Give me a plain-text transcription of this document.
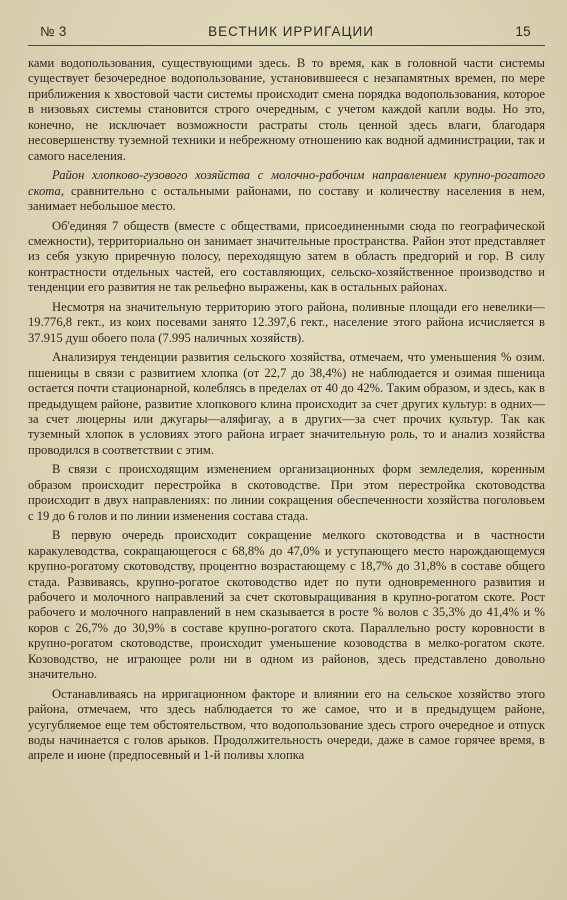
№ 3	ВЕСТНИК ИРРИГАЦИИ	15

ками водопользования, существующими здесь. В то время, как в головной части системы существует безочередное водопользование, установившееся с незапамятных времен, по мере приближения к хвостовой части системы происходит смена порядка водопользования, которое в низовьях системы становится строго очередным, с учетом каждой капли воды. Но это, конечно, не исключает возможности растраты столь ценной здесь влаги, благодаря несовершенству туземной техники и небрежному отношению как водной администрации, так и самого населения.

Район хлопково-гузового хозяйства с молочно-рабочим направлением крупно-рогатого скота, сравнительно с остальными районами, по составу и количеству населения в нем, занимает небольшое место.

Об'единяя 7 обществ (вместе с обществами, присоединенными сюда по географической смежности), территориально он занимает значительные пространства. Район этот представляет из себя узкую приречную полосу, переходящую затем в область предгорий и гор. В силу контрастности отдельных частей, его составляющих, сельско-хозяйственное производство и тенденции его развития не так рельефно выражены, как в остальных районах.

Несмотря на значительную территорию этого района, поливные площади его невелики—19.776,8 гект., из коих посевами занято 12.397,6 гект., население этого района исчисляется в 37.915 душ обоего пола (7.995 наличных хозяйств).

Анализируя тенденции развития сельского хозяйства, отмечаем, что уменьшения % озим. пшеницы в связи с развитием хлопка (от 22,7 до 38,4%) не наблюдается и озимая пшеница остается почти стационарной, колеблясь в пределах от 40 до 42%. Таким образом, и здесь, как в предыдущем районе, развитие хлопкового клина происходит за счет других культур: в одних—за счет люцерны или джугары—аляфигау, а в других—за счет прочих культур. Так как туземный хлопок в условиях этого района играет значительную роль, то и анализ хозяйства проводился в соответствии с этим.

В связи с происходящим изменением организационных форм земледелия, коренным образом происходит перестройка в скотоводстве. При этом перестройка скотоводства происходит в двух направлениях: по линии сокращения обеспеченности хозяйства поголовьем с 19 до 6 голов и по линии изменения состава стада.

В первую очередь происходит сокращение мелкого скотоводства и в частности каракулеводства, сокращающегося с 68,8% до 47,0% и уступающего место нарождающемуся крупно-рогатому скотоводству, процентно возрастающему с 18,7% до 31,8% в составе общего стада. Развиваясь, крупно-рогатое скотоводство идет по пути одновременного развития и рабочего и молочного направлений за счет скотовыращивания в крупно-рогатом скоте. Рост рабочего и молочного направлений в нем сказывается в росте % волов с 35,3% до 41,4% и % коров с 26,7% до 30,9% в составе крупно-рогатого скота. Параллельно росту коровности в крупно-рогатом скотоводстве, происходит уменьшение козоводства в мелко-рогатом скоте. Козоводство, не играющее роли ни в одном из районов, здесь представлено довольно значительно.

Останавливаясь на ирригационном факторе и влиянии его на сельское хозяйство этого района, отмечаем, что здесь наблюдается то же самое, что и в предыдущем районе, усугубляемое еще тем обстоятельством, что водопользование здесь строго очередное и отпуск воды начинается с голов арыков. Продолжительность очереди, даже в самое горячее время, в апреле и июне (предпосевный и 1-й поливы хлопка
